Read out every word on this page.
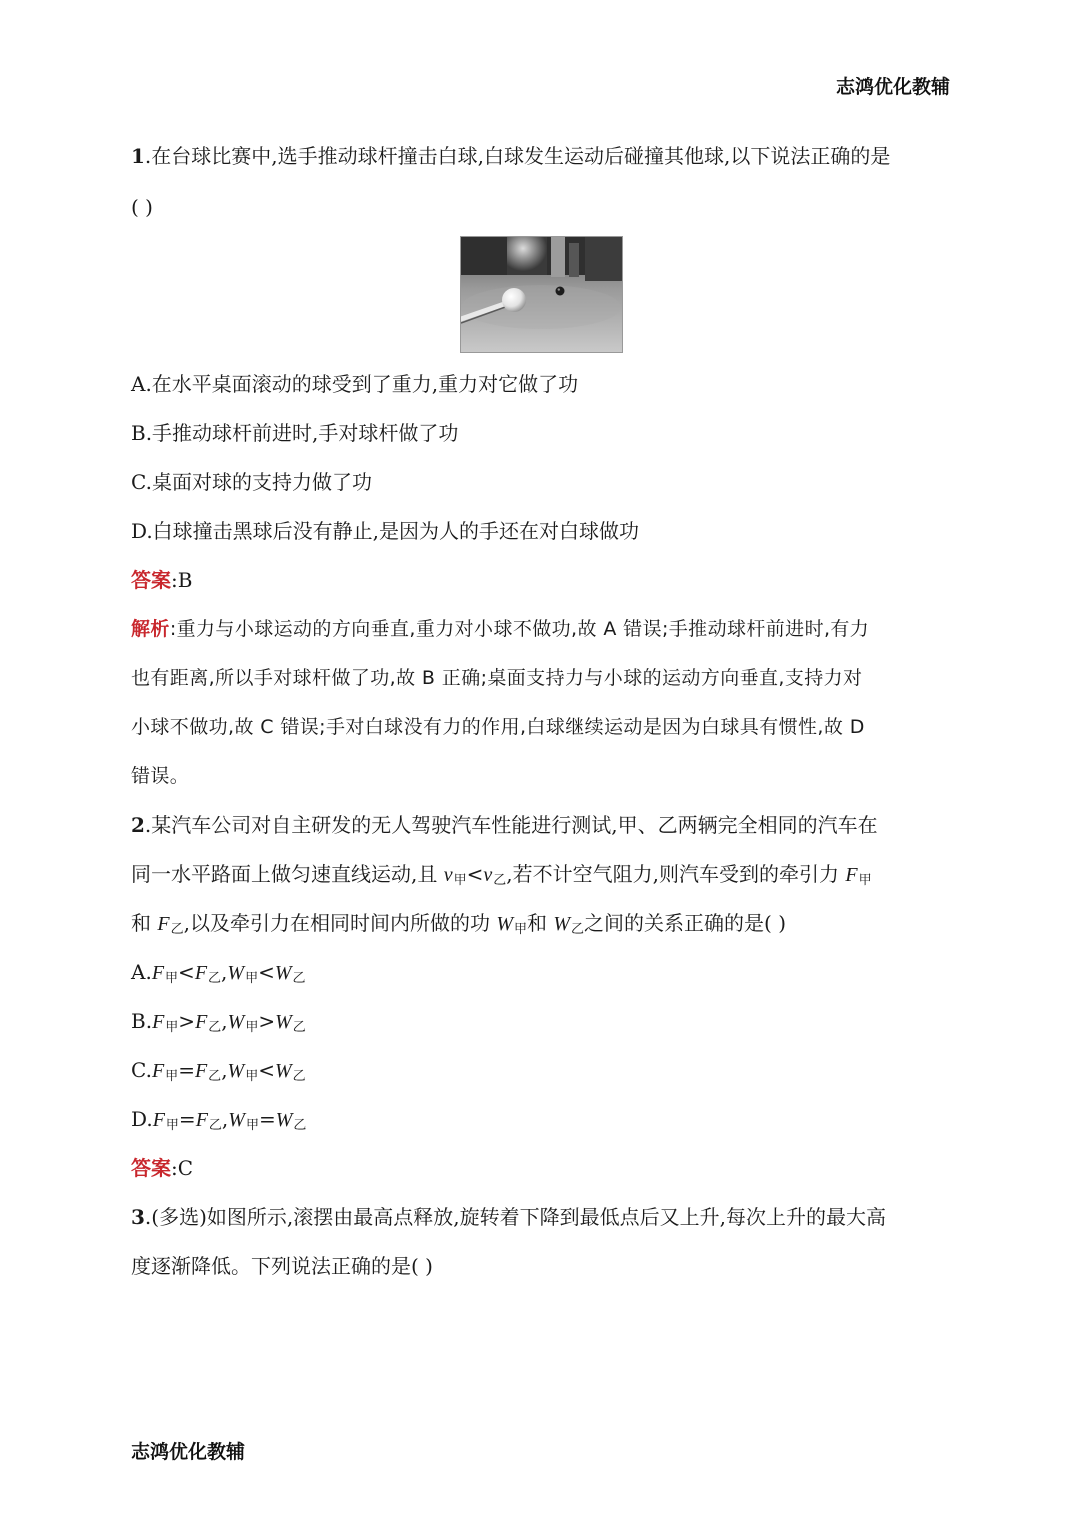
志鸿优化教辅
1.在台球比赛中,选手推动球杆撞击白球,白球发生运动后碰撞其他球,以下说法正确的是
( )
A.在水平桌面滚动的球受到了重力,重力对它做了功
B.手推动球杆前进时,手对球杆做了功
C.桌面对球的支持力做了功
D.白球撞击黑球后没有静止,是因为人的手还在对白球做功
答案:B
解析:重力与小球运动的方向垂直,重力对小球不做功,故 A 错误;手推动球杆前进时,有力
也有距离,所以手对球杆做了功,故 B 正确;桌面支持力与小球的运动方向垂直,支持力对
小球不做功,故 C 错误;手对白球没有力的作用,白球继续运动是因为白球具有惯性,故 D
错误。
2.某汽车公司对自主研发的无人驾驶汽车性能进行测试,甲、乙两辆完全相同的汽车在
同一水平路面上做匀速直线运动,且 $v_甲<v_乙$,若不计空气阻力,则汽车受到的牵引力 $F_甲$
和 $F_乙$,以及牵引力在相同时间内所做的功 $W_甲$和 $W_乙$之间的关系正确的是( )
$A.F_甲<F_乙,W_甲<W_乙$
$B.F_甲>F_乙,W_甲>W_乙$
$C.F_甲=F_乙,W_甲<W_乙$
$D.F_甲=F_乙,W_甲=W_乙$
答案:C
3.(多选)如图所示,滚摆由最高点释放,旋转着下降到最低点后又上升,每次上升的最大高
度逐渐降低。下列说法正确的是( )
志鸿优化教辅
